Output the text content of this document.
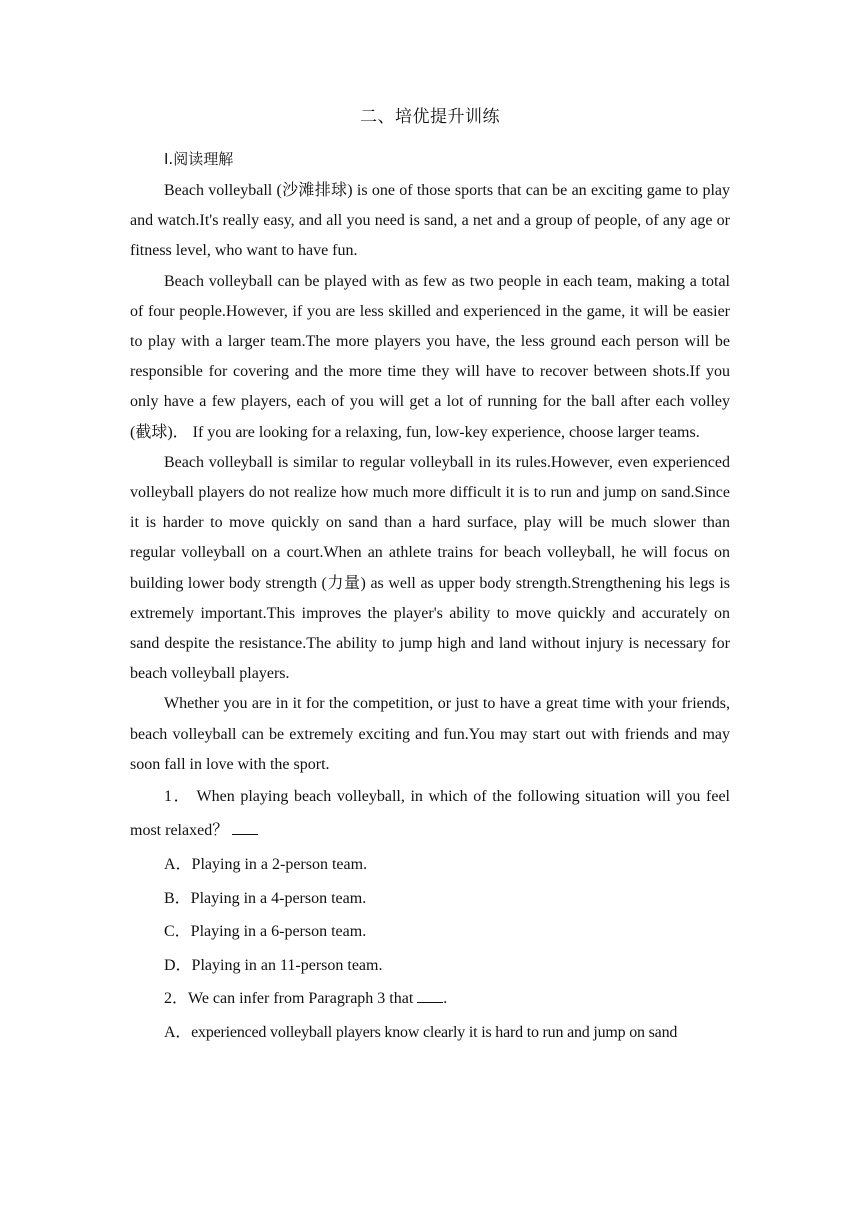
二、培优提升训练
Ⅰ.阅读理解

Beach volleyball (沙滩排球) is one of those sports that can be an exciting game to play and watch.It's really easy, and all you need is sand, a net and a group of people, of any age or fitness level, who want to have fun.

Beach volleyball can be played with as few as two people in each team, making a total of four people.However, if you are less skilled and experienced in the game, it will be easier to play with a larger team.The more players you have, the less ground each person will be responsible for covering and the more time they will have to recover between shots.If you only have a few players, each of you will get a lot of running for the ball after each volley (截球)． If you are looking for a relaxing, fun, low-key experience, choose larger teams.

Beach volleyball is similar to regular volleyball in its rules.However, even experienced volleyball players do not realize how much more difficult it is to run and jump on sand.Since it is harder to move quickly on sand than a hard surface, play will be much slower than regular volleyball on a court.When an athlete trains for beach volleyball, he will focus on building lower body strength (力量) as well as upper body strength.Strengthening his legs is extremely important.This improves the player's ability to move quickly and accurately on sand despite the resistance.The ability to jump high and land without injury is necessary for beach volleyball players.

Whether you are in it for the competition, or just to have a great time with your friends, beach volleyball can be extremely exciting and fun.You may start out with friends and may soon fall in love with the sport.

1． When playing beach volleyball, in which of the following situation will you feel most relaxed？
A．Playing in a 2-person team.
B．Playing in a 4-person team.
C．Playing in a 6-person team.
D．Playing in an 11-person team.
2．We can infer from Paragraph 3 that .
A．experienced volleyball players know clearly it is hard to run and jump on sand
